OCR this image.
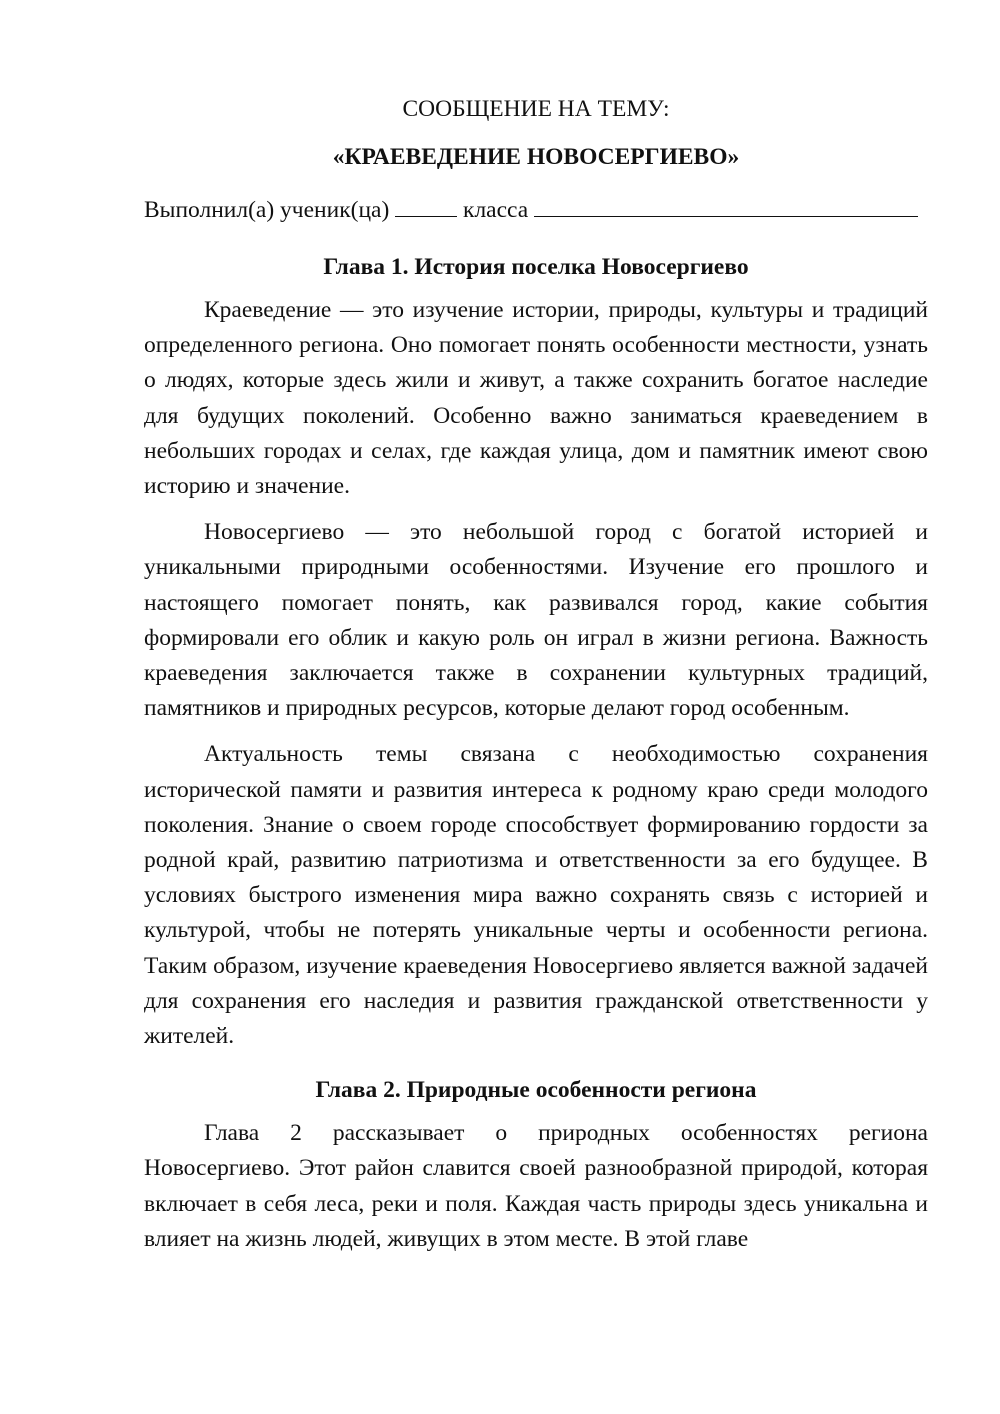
СООБЩЕНИЕ НА ТЕМУ:

«КРАЕВЕДЕНИЕ НОВОСЕРГИЕВО»

Выполнил(а) ученик(ца)	класса

Глава 1. История поселка Новосергиево

Краеведение — это изучение истории, природы, культуры и традиций определенного региона. Оно помогает понять особенности местности, узнать о людях, которые здесь жили и живут, а также сохранить богатое наследие для будущих поколений. Особенно важно заниматься краеведением в небольших городах и селах, где каждая улица, дом и памятник имеют свою историю и значение.

Новосергиево — это небольшой город с богатой историей и уникальными природными особенностями. Изучение его прошлого и настоящего помогает понять, как развивался город, какие события формировали его облик и какую роль он играл в жизни региона. Важность краеведения заключается также в сохранении культурных традиций, памятников и природных ресурсов, которые делают город особенным.

Актуальность темы связана с необходимостью сохранения исторической памяти и развития интереса к родному краю среди молодого поколения. Знание о своем городе способствует формированию гордости за родной край, развитию патриотизма и ответственности за его будущее. В условиях быстрого изменения мира важно сохранять связь с историей и культурой, чтобы не потерять уникальные черты и особенности региона. Таким образом, изучение краеведения Новосергиево является важной задачей для сохранения его наследия и развития гражданской ответственности у жителей.

Глава 2. Природные особенности региона

Глава 2 рассказывает о природных особенностях региона Новосергиево. Этот район славится своей разнообразной природой, которая включает в себя леса, реки и поля. Каждая часть природы здесь уникальна и влияет на жизнь людей, живущих в этом месте. В этой главе
